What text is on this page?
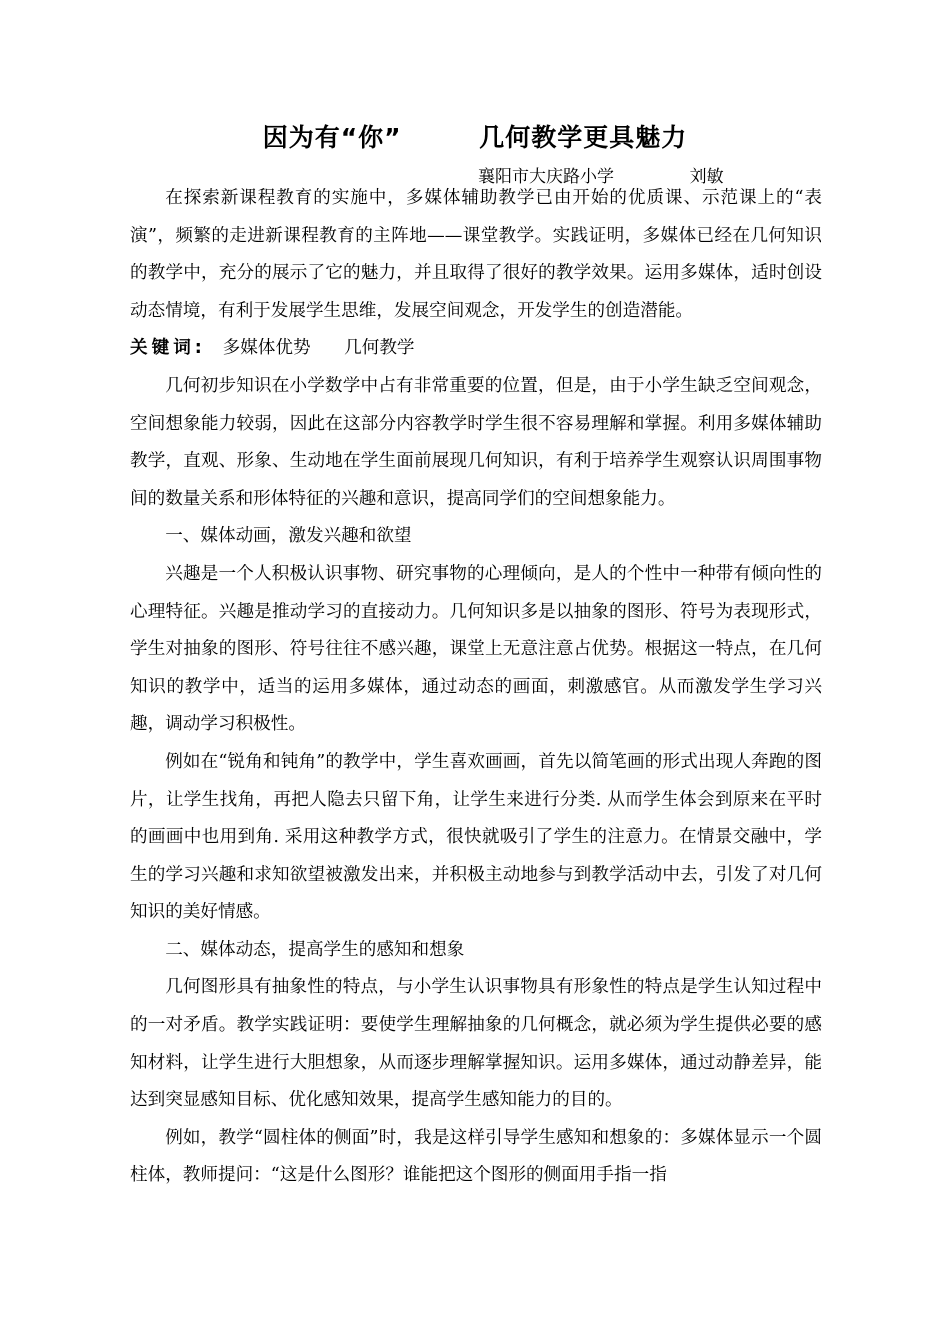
因为有“你”        几何教学更具魅力
襄阳市大庆路小学              刘敏

在探索新课程教育的实施中，多媒体辅助教学已由开始的优质课、示范课上的“表演”，频繁的走进新课程教育的主阵地——课堂教学。实践证明，多媒体已经在几何知识的教学中，充分的展示了它的魅力，并且取得了很好的教学效果。运用多媒体，适时创设动态情境，有利于发展学生思维，发展空间观念，开发学生的创造潜能。

关键词:   多媒体优势      几何教学

几何初步知识在小学数学中占有非常重要的位置，但是，由于小学生缺乏空间观念，空间想象能力较弱，因此在这部分内容教学时学生很不容易理解和掌握。利用多媒体辅助教学，直观、形象、生动地在学生面前展现几何知识，有利于培养学生观察认识周围事物间的数量关系和形体特征的兴趣和意识，提高同学们的空间想象能力。

一、媒体动画，激发兴趣和欲望

兴趣是一个人积极认识事物、研究事物的心理倾向，是人的个性中一种带有倾向性的心理特征。兴趣是推动学习的直接动力。几何知识多是以抽象的图形、符号为表现形式，学生对抽象的图形、符号往往不感兴趣，课堂上无意注意占优势。根据这一特点，在几何知识的教学中，适当的运用多媒体，通过动态的画面，刺激感官。从而激发学生学习兴趣，调动学习积极性。

例如在“锐角和钝角”的教学中，学生喜欢画画，首先以简笔画的形式出现人奔跑的图片，让学生找角，再把人隐去只留下角，让学生来进行分类. 从而学生体会到原来在平时的画画中也用到角. 采用这种教学方式，很快就吸引了学生的注意力。在情景交融中，学生的学习兴趣和求知欲望被激发出来，并积极主动地参与到教学活动中去，引发了对几何知识的美好情感。

二、媒体动态，提高学生的感知和想象

几何图形具有抽象性的特点，与小学生认识事物具有形象性的特点是学生认知过程中的一对矛盾。教学实践证明：要使学生理解抽象的几何概念，就必须为学生提供必要的感知材料，让学生进行大胆想象，从而逐步理解掌握知识。运用多媒体，通过动静差异，能达到突显感知目标、优化感知效果，提高学生感知能力的目的。

例如，教学“圆柱体的侧面”时，我是这样引导学生感知和想象的：多媒体显示一个圆柱体，教师提问：“这是什么图形？谁能把这个图形的侧面用手指一指
